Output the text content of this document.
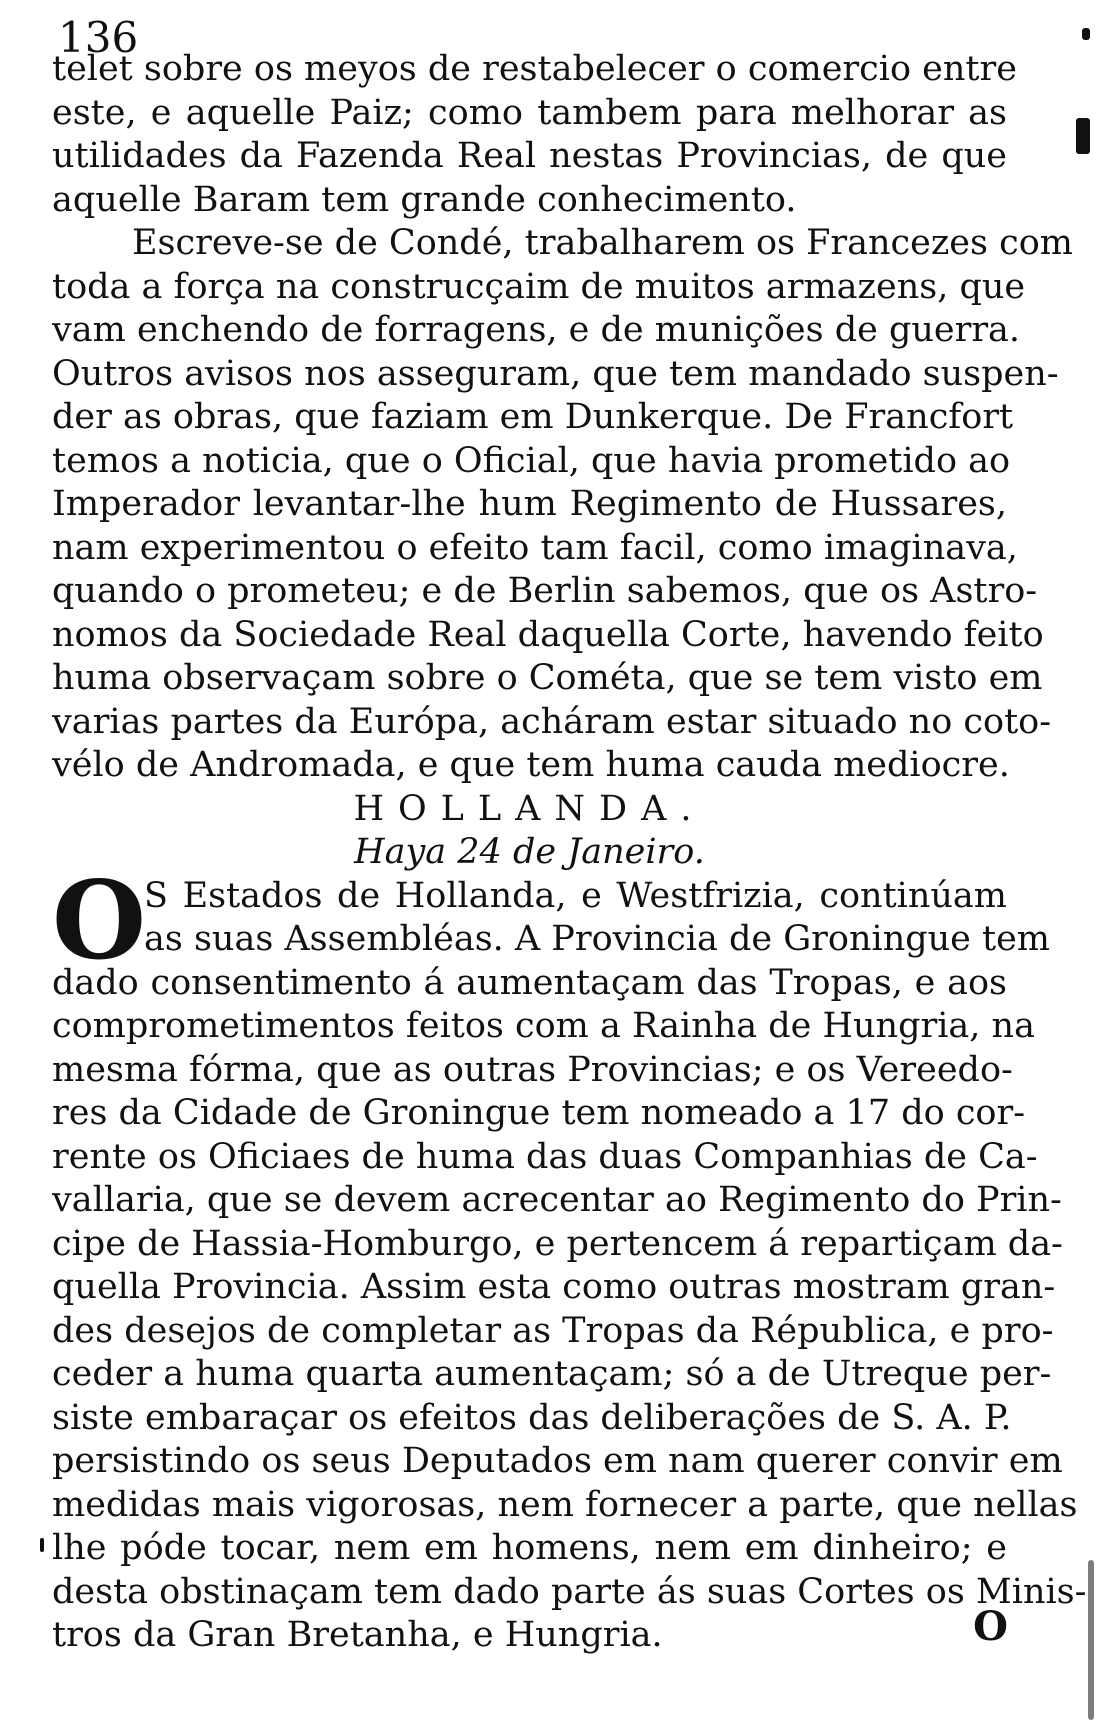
136
telet sobre os meyos de restabelecer o comercio entre
este, e aquelle Paiz; como tambem para melhorar as
utilidades da Fazenda Real nestas Provincias, de que
aquelle Baram tem grande conhecimento.
Escreve-se de Condé, trabalharem os Francezes com
toda a força na construcçaim de muitos armazens, que
vam enchendo de forragens, e de munições de guerra.
Outros avisos nos asseguram, que tem mandado suspen-
der as obras, que faziam em Dunkerque. De Francfort
temos a noticia, que o Oficial, que havia prometido ao
Imperador levantar-lhe hum Regimento de Hussares,
nam experimentou o efeito tam facil, como imaginava,
quando o prometeu; e de Berlin sabemos, que os Astro-
nomos da Sociedade Real daquella Corte, havendo feito
huma observaçam sobre o Cométa, que se tem visto em
varias partes da Európa, acháram estar situado no coto-
vélo de Andromada, e que tem huma cauda mediocre.
HOLLANDA.
Haya 24 de Janeiro.
O
S Estados de Hollanda, e Westfrizia, continúam
as suas Assembléas. A Provincia de Groningue tem
dado consentimento á aumentaçam das Tropas, e aos
comprometimentos feitos com a Rainha de Hungria, na
mesma fórma, que as outras Provincias; e os Vereedo-
res da Cidade de Groningue tem nomeado a 17 do cor-
rente os Oficiaes de huma das duas Companhias de Ca-
vallaria, que se devem acrecentar ao Regimento do Prin-
cipe de Hassia-Homburgo, e pertencem á repartiçam da-
quella Provincia. Assim esta como outras mostram gran-
des desejos de completar as Tropas da Républica, e pro-
ceder a huma quarta aumentaçam; só a de Utreque per-
siste embaraçar os efeitos das deliberações de S. A. P.
persistindo os seus Deputados em nam querer convir em
medidas mais vigorosas, nem fornecer a parte, que nellas
lhe póde tocar, nem em homens, nem em dinheiro; e
desta obstinaçam tem dado parte ás suas Cortes os Minis-
tros da Gran Bretanha, e Hungria.	O
